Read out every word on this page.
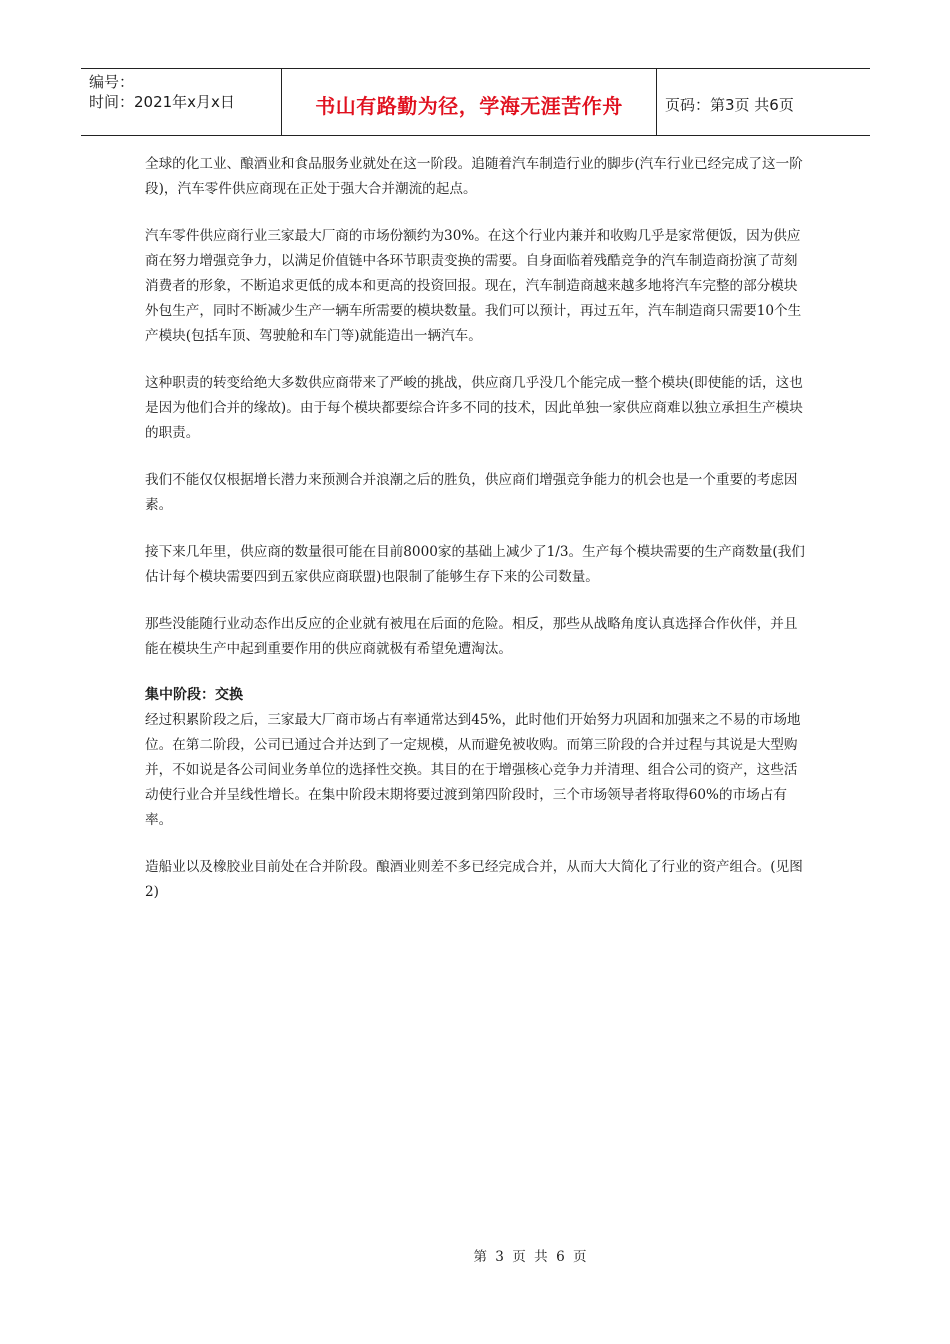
编号：
时间：2021年x月x日	书山有路勤为径，学海无涯苦作舟	页码：第3页 共6页

全球的化工业、酿酒业和食品服务业就处在这一阶段。追随着汽车制造行业的脚步(汽车行业已经完成了这一阶段)，汽车零件供应商现在正处于强大合并潮流的起点。

汽车零件供应商行业三家最大厂商的市场份额约为30%。在这个行业内兼并和收购几乎是家常便饭，因为供应商在努力增强竞争力，以满足价值链中各环节职责变换的需要。自身面临着残酷竞争的汽车制造商扮演了苛刻消费者的形象，不断追求更低的成本和更高的投资回报。现在，汽车制造商越来越多地将汽车完整的部分模块外包生产，同时不断减少生产一辆车所需要的模块数量。我们可以预计，再过五年，汽车制造商只需要10个生产模块(包括车顶、驾驶舱和车门等)就能造出一辆汽车。

这种职责的转变给绝大多数供应商带来了严峻的挑战，供应商几乎没几个能完成一整个模块(即使能的话，这也是因为他们合并的缘故)。由于每个模块都要综合许多不同的技术，因此单独一家供应商难以独立承担生产模块的职责。

我们不能仅仅根据增长潜力来预测合并浪潮之后的胜负，供应商们增强竞争能力的机会也是一个重要的考虑因素。

接下来几年里，供应商的数量很可能在目前8000家的基础上减少了1/3。生产每个模块需要的生产商数量(我们估计每个模块需要四到五家供应商联盟)也限制了能够生存下来的公司数量。

那些没能随行业动态作出反应的企业就有被甩在后面的危险。相反，那些从战略角度认真选择合作伙伴，并且能在模块生产中起到重要作用的供应商就极有希望免遭淘汰。

集中阶段：交换

经过积累阶段之后，三家最大厂商市场占有率通常达到45%，此时他们开始努力巩固和加强来之不易的市场地位。在第二阶段，公司已通过合并达到了一定规模，从而避免被收购。而第三阶段的合并过程与其说是大型购并，不如说是各公司间业务单位的选择性交换。其目的在于增强核心竞争力并清理、组合公司的资产，这些活动使行业合并呈线性增长。在集中阶段末期将要过渡到第四阶段时，三个市场领导者将取得60%的市场占有率。

造船业以及橡胶业目前处在合并阶段。酿酒业则差不多已经完成合并，从而大大简化了行业的资产组合。(见图2)

第 3 页 共 6 页
